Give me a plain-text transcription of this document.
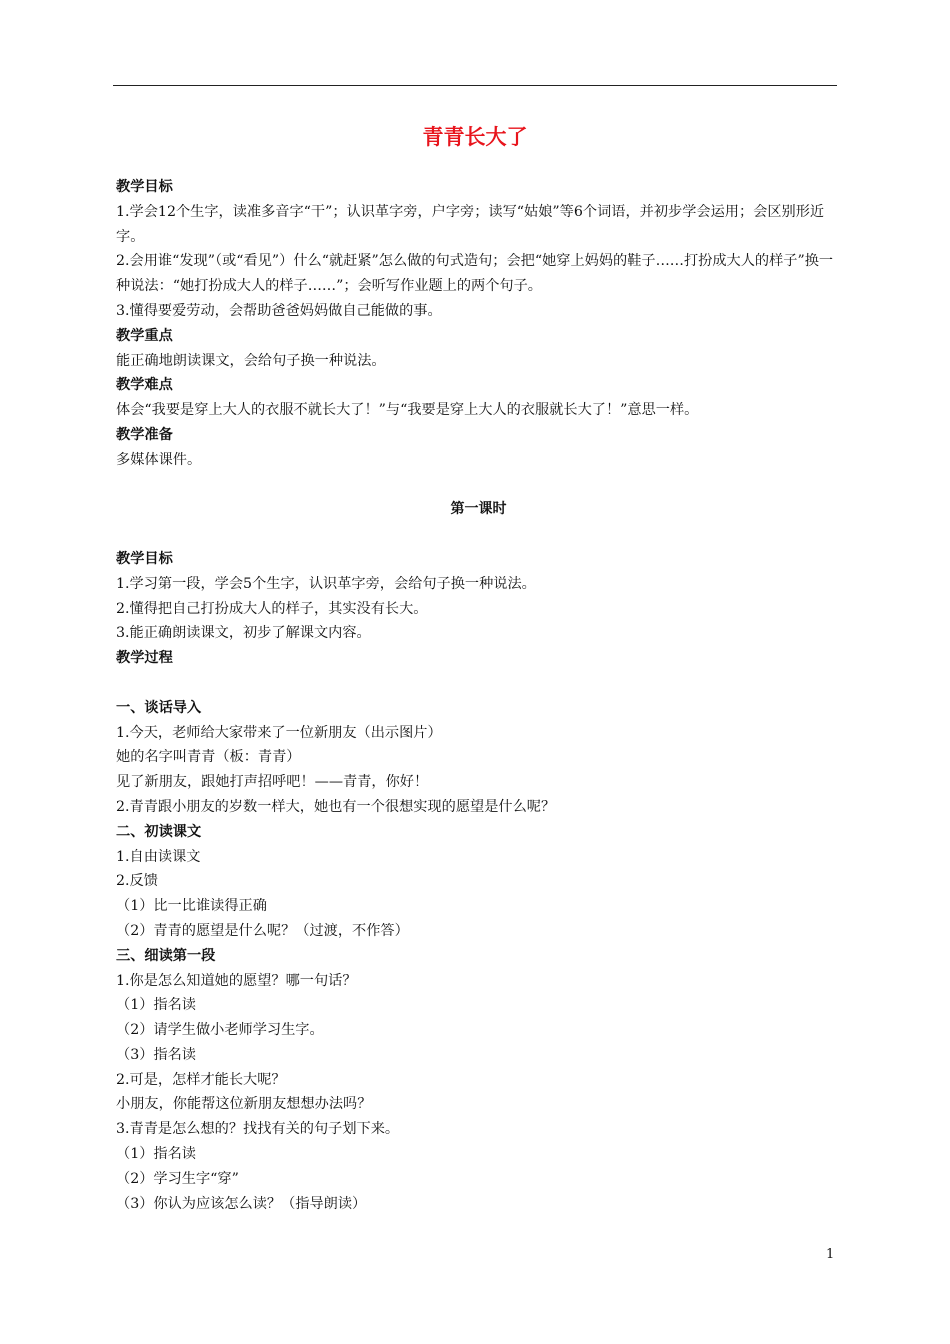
青青长大了

教学目标

1.学会12个生字，读准多音字“干”；认识革字旁，户字旁；读写“姑娘”等6个词语，并初步学会运用；会区别形近字。

2.会用谁“发现”（或“看见”）什么“就赶紧”怎么做的句式造句；会把“她穿上妈妈的鞋子……打扮成大人的样子”换一种说法：“她打扮成大人的样子……”；会听写作业题上的两个句子。

3.懂得要爱劳动，会帮助爸爸妈妈做自己能做的事。

教学重点

能正确地朗读课文，会给句子换一种说法。

教学难点

体会“我要是穿上大人的衣服不就长大了！”与“我要是穿上大人的衣服就长大了！”意思一样。

教学准备

多媒体课件。

第一课时

教学目标

1.学习第一段，学会5个生字，认识革字旁，会给句子换一种说法。

2.懂得把自己打扮成大人的样子，其实没有长大。

3.能正确朗读课文，初步了解课文内容。

教学过程

一、谈话导入

1.今天，老师给大家带来了一位新朋友（出示图片）

她的名字叫青青（板：青青）

见了新朋友，跟她打声招呼吧！——青青，你好！

2.青青跟小朋友的岁数一样大，她也有一个很想实现的愿望是什么呢？

二、初读课文

1.自由读课文

2.反馈

（1）比一比谁读得正确

（2）青青的愿望是什么呢？（过渡，不作答）

三、细读第一段

1.你是怎么知道她的愿望？哪一句话？

（1）指名读

（2）请学生做小老师学习生字。

（3）指名读

2.可是，怎样才能长大呢？

小朋友，你能帮这位新朋友想想办法吗？

3.青青是怎么想的？找找有关的句子划下来。

（1）指名读

（2）学习生字“穿”

（3）你认为应该怎么读？（指导朗读）

1
